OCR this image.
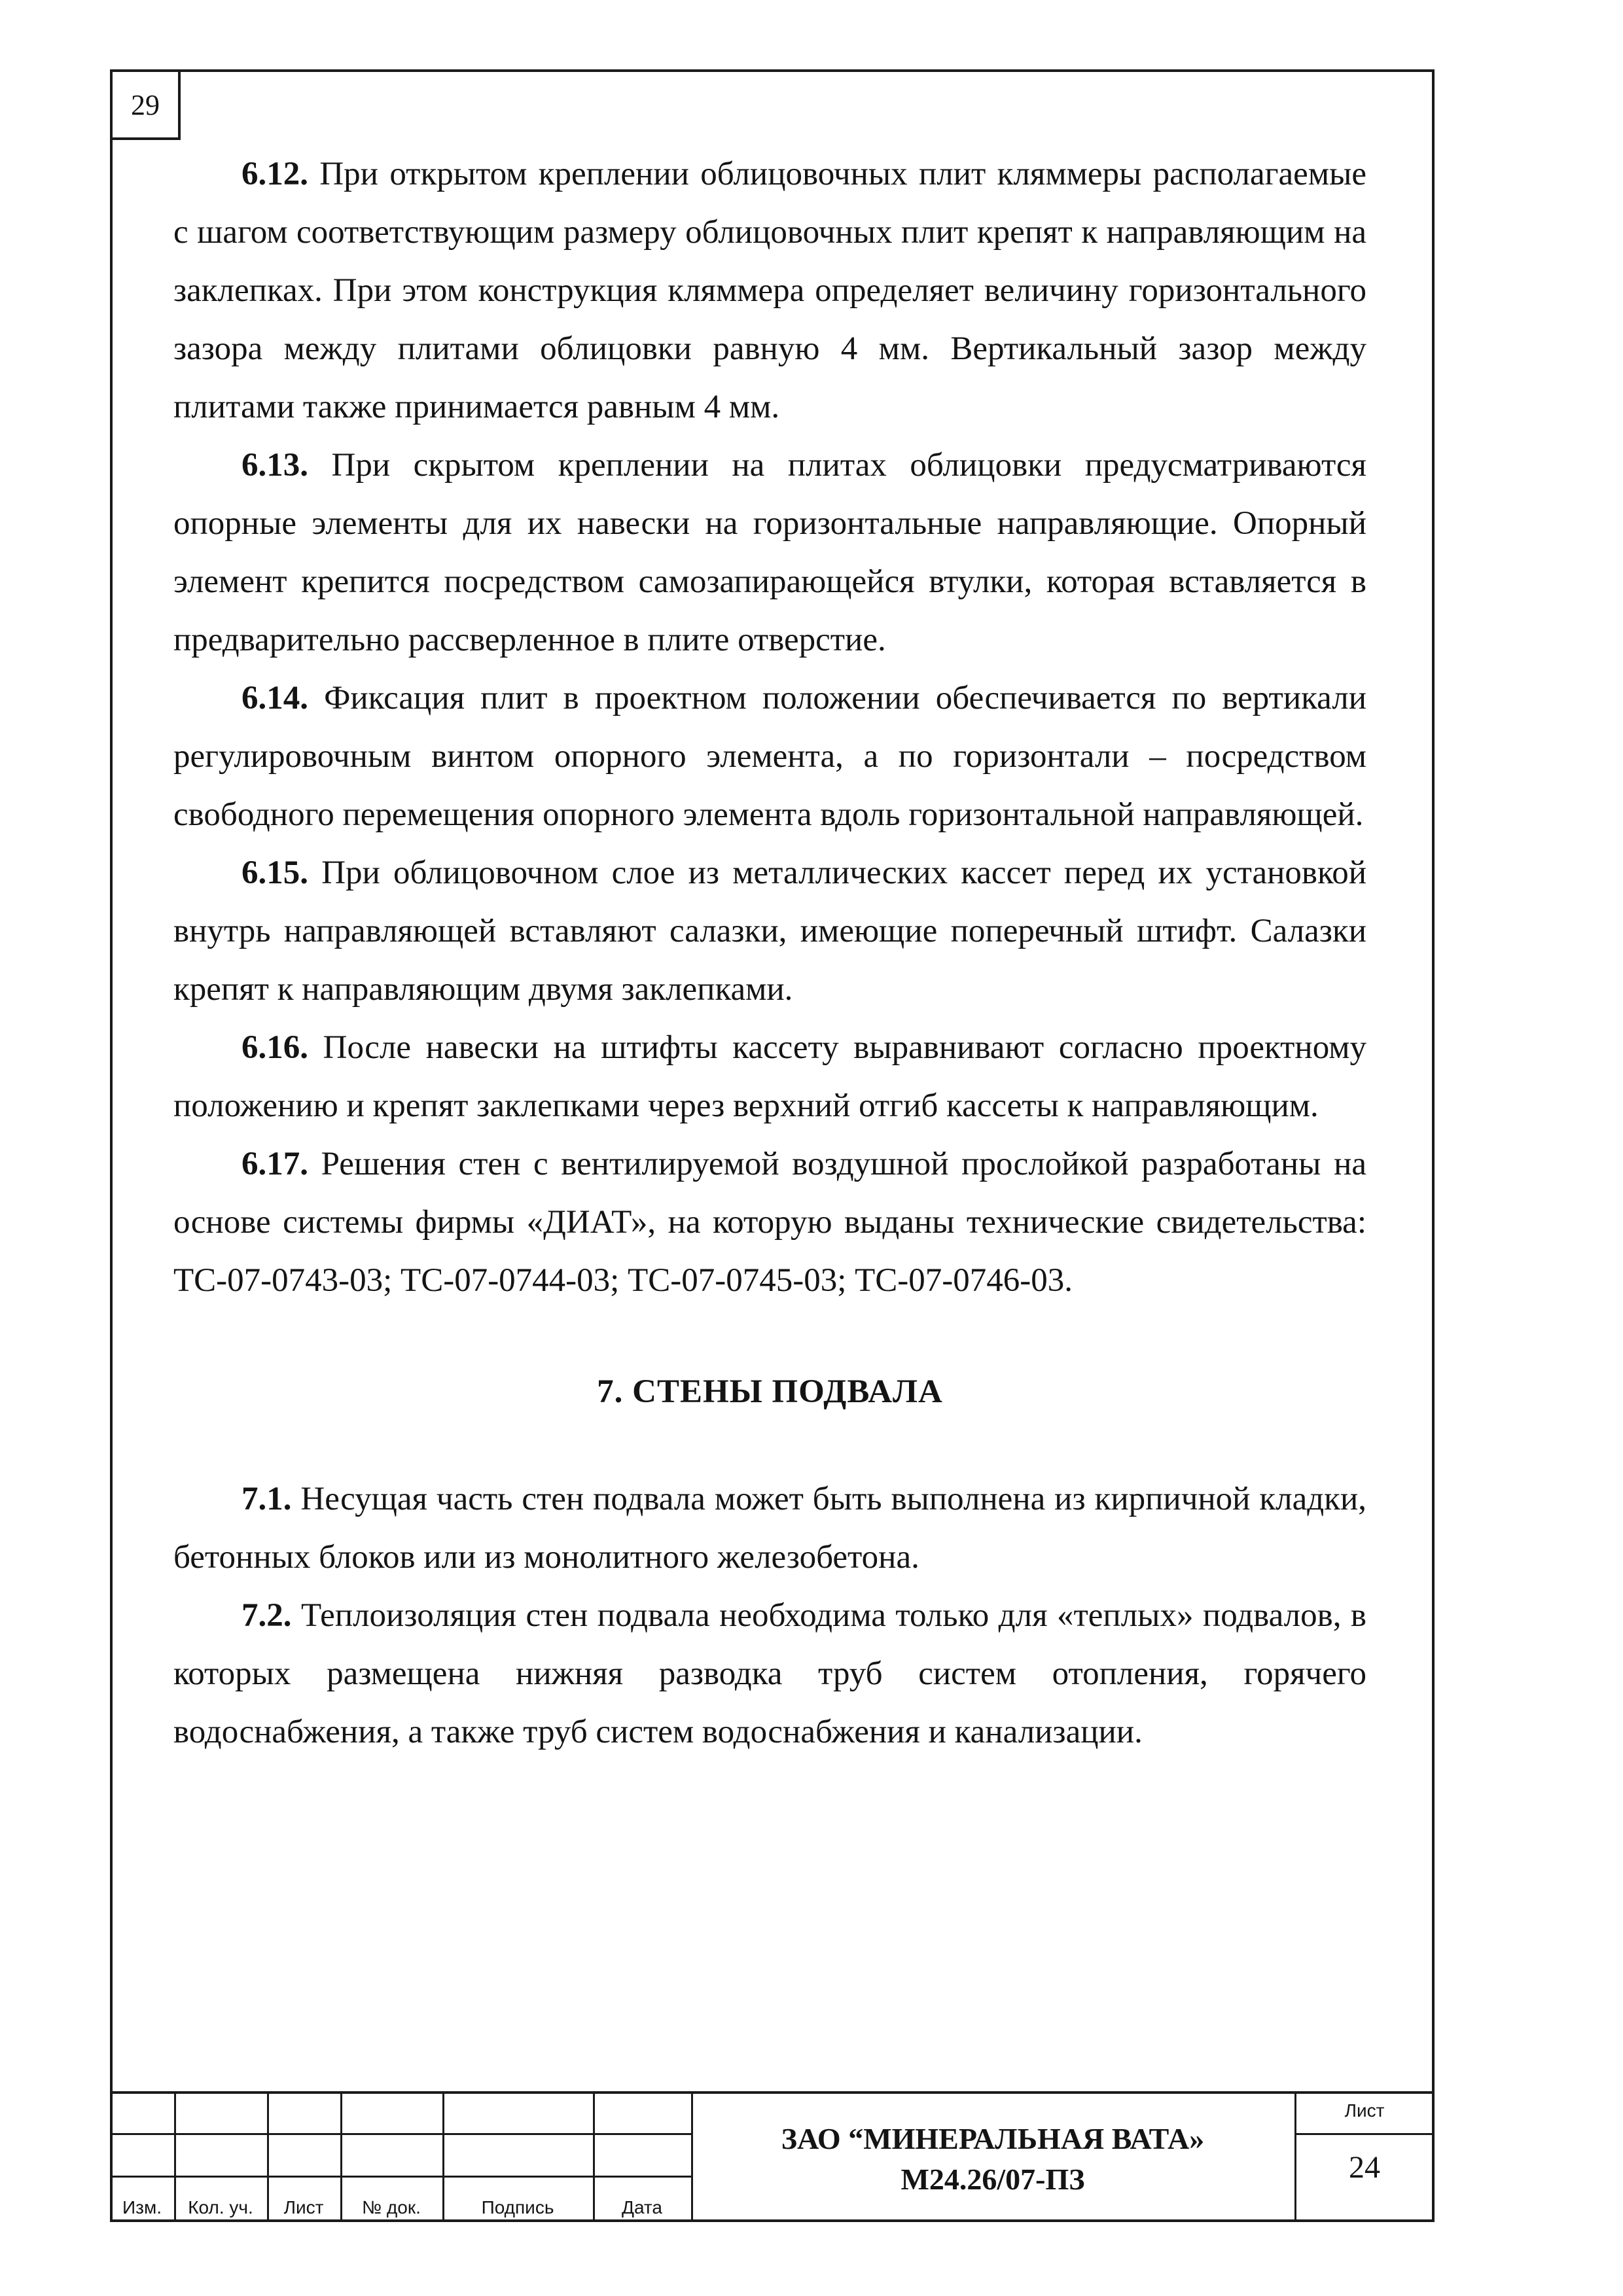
29

6.12. При открытом креплении облицовочных плит кляммеры располагаемые с шагом соответствующим размеру облицовочных плит крепят к направляющим на заклепках. При этом конструкция кляммера определяет величину горизонтального зазора между плитами облицовки равную 4 мм. Вертикальный зазор между плитами также принимается равным 4 мм.

6.13. При скрытом креплении на плитах облицовки предусматриваются опорные элементы для их навески на горизонтальные направляющие. Опорный элемент крепится посредством самозапирающейся втулки, которая вставляется в предварительно рассверленное в плите отверстие.

6.14. Фиксация плит в проектном положении обеспечивается по вертикали регулировочным винтом опорного элемента, а по горизонтали – посредством свободного перемещения опорного элемента вдоль горизонтальной направляющей.

6.15. При облицовочном слое из металлических кассет перед их установкой внутрь направляющей вставляют салазки, имеющие поперечный штифт. Салазки крепят к направляющим двумя заклепками.

6.16. После навески на штифты кассету выравнивают согласно проектному положению и крепят заклепками через верхний отгиб кассеты к направляющим.

6.17. Решения стен с вентилируемой воздушной прослойкой разработаны на основе системы фирмы «ДИАТ», на которую выданы технические свидетельства: ТС-07-0743-03; ТС-07-0744-03; ТС-07-0745-03; ТС-07-0746-03.

7. СТЕНЫ ПОДВАЛА

7.1. Несущая часть стен подвала может быть выполнена из кирпичной кладки, бетонных блоков или из монолитного железобетона.

7.2. Теплоизоляция стен подвала необходима только для «теплых» подвалов, в которых размещена нижняя разводка труб систем отопления, горячего водоснабжения, а также труб систем водоснабжения и канализации.

Изм.	Кол. уч.	Лист	№ док.	Подпись	Дата
ЗАО “МИНЕРАЛЬНАЯ ВАТА»
М24.26/07-ПЗ
Лист
24
